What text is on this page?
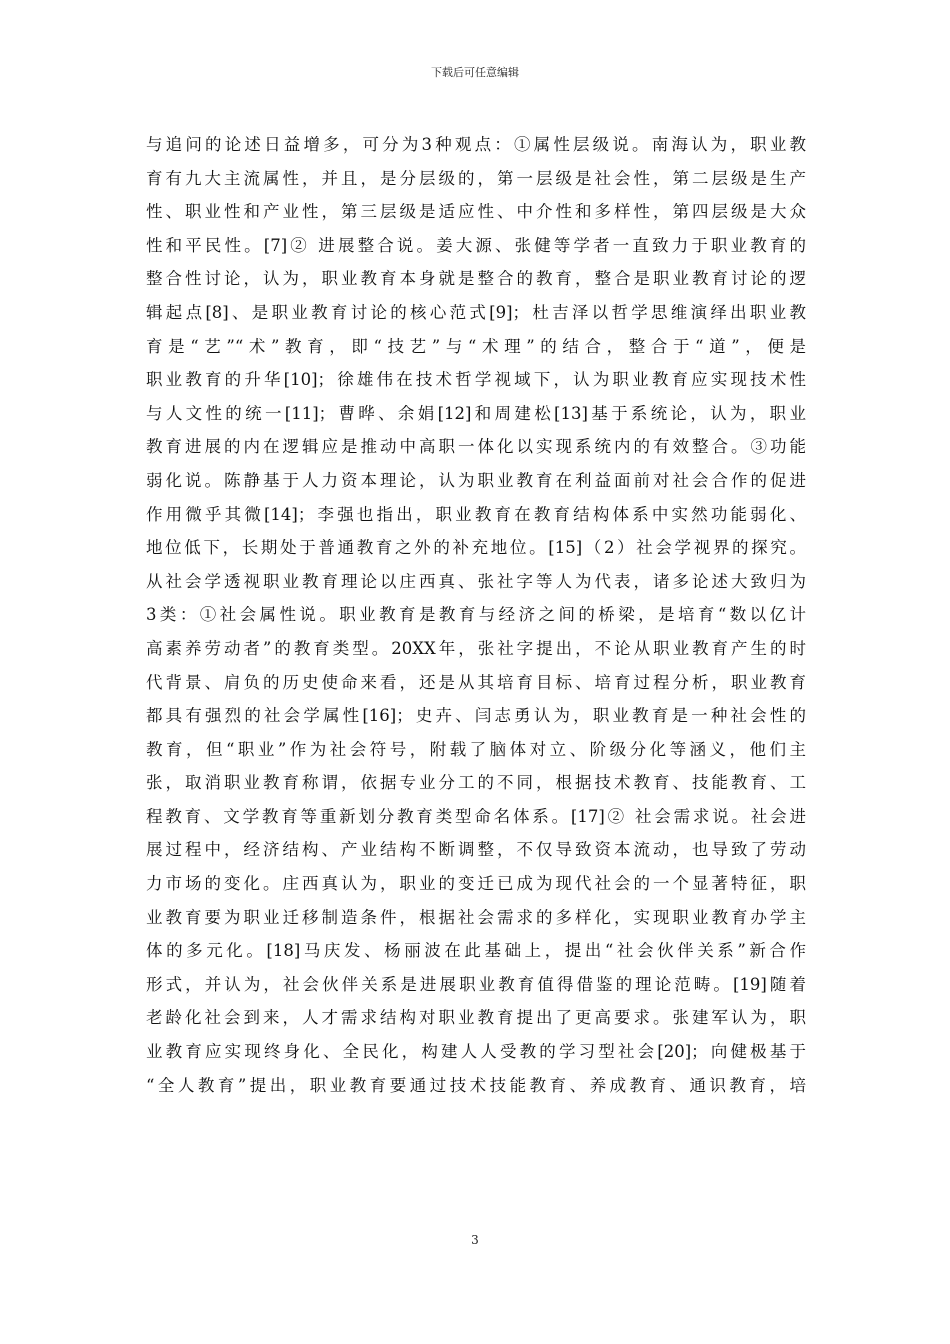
下载后可任意编辑
与追问的论述日益增多，可分为3种观点：①属性层级说。南海认为，职业教
育有九大主流属性，并且，是分层级的，第一层级是社会性，第二层级是生产
性、职业性和产业性，第三层级是适应性、中介性和多样性，第四层级是大众
性和平民性。[7]② 进展整合说。姜大源、张健等学者一直致力于职业教育的
整合性讨论，认为，职业教育本身就是整合的教育，整合是职业教育讨论的逻
辑起点[8]、是职业教育讨论的核心范式[9]；杜吉泽以哲学思维演绎出职业教
育是“艺”“术”教育，即“技艺”与“术理”的结合，整合于“道”，便是
职业教育的升华[10]；徐雄伟在技术哲学视域下，认为职业教育应实现技术性
与人文性的统一[11]；曹晔、余娟[12]和周建松[13]基于系统论，认为，职业
教育进展的内在逻辑应是推动中高职一体化以实现系统内的有效整合。③功能
弱化说。陈静基于人力资本理论，认为职业教育在利益面前对社会合作的促进
作用微乎其微[14]；李强也指出，职业教育在教育结构体系中实然功能弱化、
地位低下，长期处于普通教育之外的补充地位。[15]（2）社会学视界的探究。
从社会学透视职业教育理论以庄西真、张社字等人为代表，诸多论述大致归为
3类：①社会属性说。职业教育是教育与经济之间的桥梁，是培育“数以亿计
高素养劳动者”的教育类型。20XX年，张社字提出，不论从职业教育产生的时
代背景、肩负的历史使命来看，还是从其培育目标、培育过程分析，职业教育
都具有强烈的社会学属性[16]；史卉、闫志勇认为，职业教育是一种社会性的
教育，但“职业”作为社会符号，附载了脑体对立、阶级分化等涵义，他们主
张，取消职业教育称谓，依据专业分工的不同，根据技术教育、技能教育、工
程教育、文学教育等重新划分教育类型命名体系。[17]② 社会需求说。社会进
展过程中，经济结构、产业结构不断调整，不仅导致资本流动，也导致了劳动
力市场的变化。庄西真认为，职业的变迁已成为现代社会的一个显著特征，职
业教育要为职业迁移制造条件，根据社会需求的多样化，实现职业教育办学主
体的多元化。[18]马庆发、杨丽波在此基础上，提出“社会伙伴关系”新合作
形式，并认为，社会伙伴关系是进展职业教育值得借鉴的理论范畴。[19]随着
老龄化社会到来，人才需求结构对职业教育提出了更高要求。张建军认为，职
业教育应实现终身化、全民化，构建人人受教的学习型社会[20]；向健极基于
“全人教育”提出，职业教育要通过技术技能教育、养成教育、通识教育，培
3
